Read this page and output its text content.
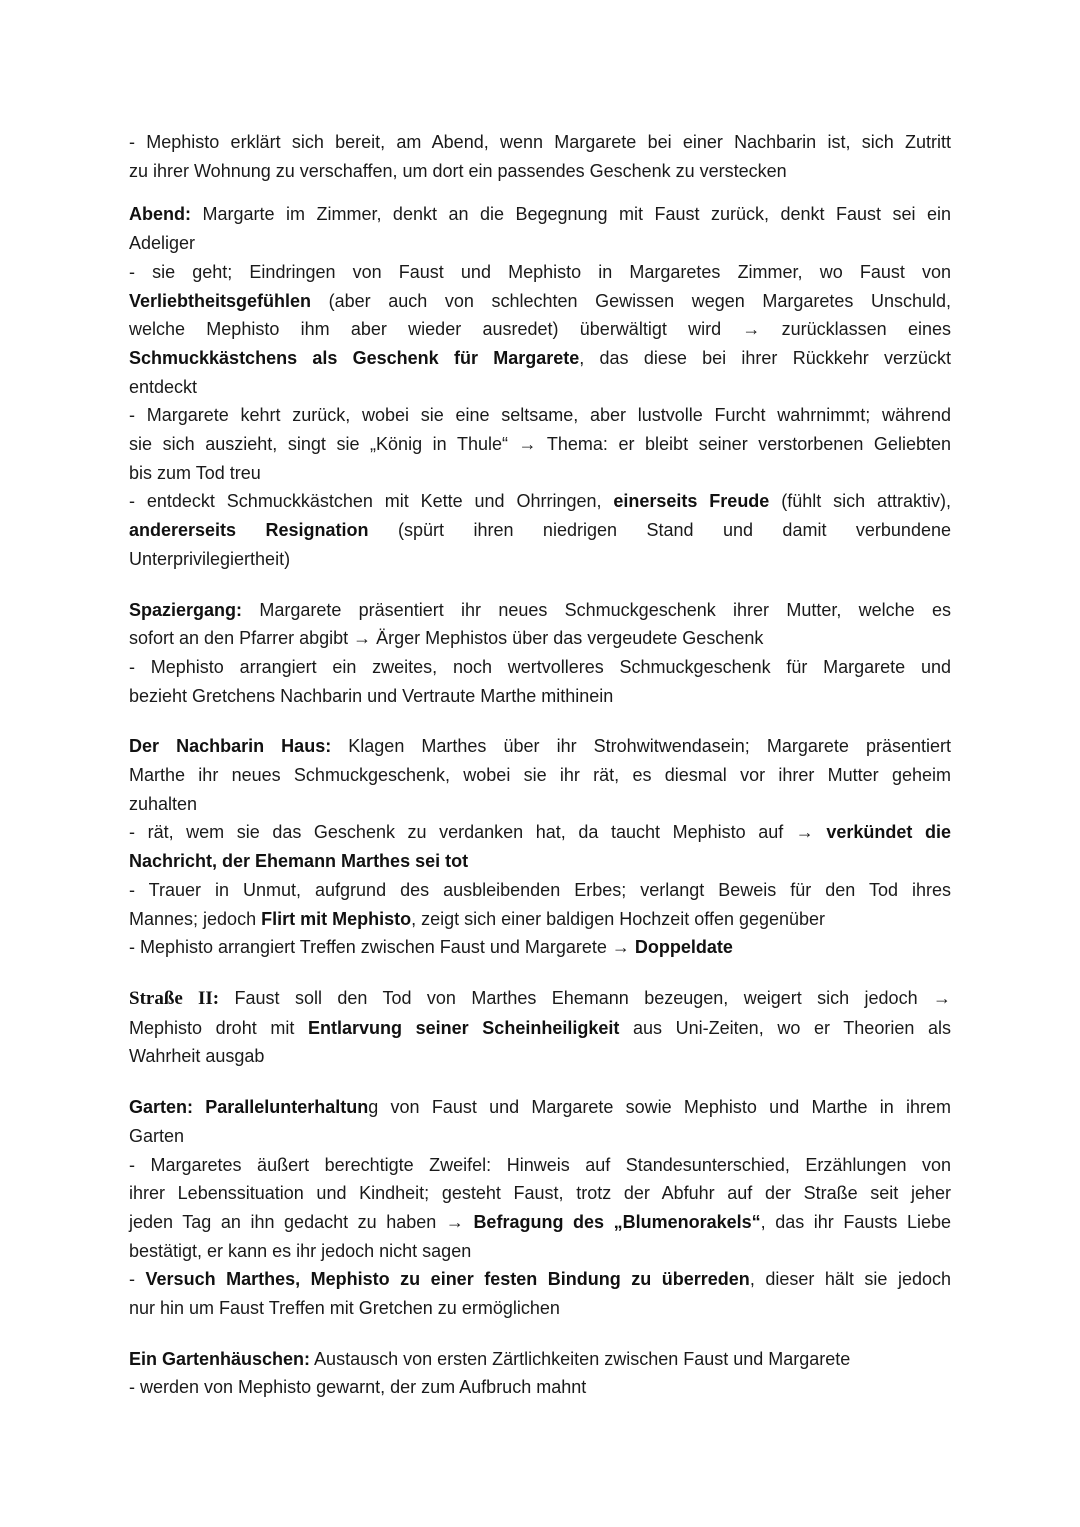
- Mephisto erklärt sich bereit, am Abend, wenn Margarete bei einer Nachbarin ist, sich Zutritt
zu ihrer Wohnung zu verschaffen, um dort ein passendes Geschenk zu verstecken
Abend: Margarte im Zimmer, denkt an die Begegnung mit Faust zurück, denkt Faust sei ein
Adeliger
- sie geht; Eindringen von Faust und Mephisto in Margaretes Zimmer, wo Faust von
Verliebtheitsgefühlen (aber auch von schlechten Gewissen wegen Margaretes Unschuld,
welche Mephisto ihm aber wieder ausredet) überwältigt wird → zurücklassen eines
Schmuckkästchens als Geschenk für Margarete, das diese bei ihrer Rückkehr verzückt
entdeckt
- Margarete kehrt zurück, wobei sie eine seltsame, aber lustvolle Furcht wahrnimmt; während
sie sich auszieht, singt sie „König in Thule“ → Thema: er bleibt seiner verstorbenen Geliebten
bis zum Tod treu
- entdeckt Schmuckkästchen mit Kette und Ohrringen, einerseits Freude (fühlt sich attraktiv),
andererseits Resignation (spürt ihren niedrigen Stand und damit verbundene
Unterprivilegiertheit)
Spaziergang: Margarete präsentiert ihr neues Schmuckgeschenk ihrer Mutter, welche es
sofort an den Pfarrer abgibt → Ärger Mephistos über das vergeudete Geschenk
- Mephisto arrangiert ein zweites, noch wertvolleres Schmuckgeschenk für Margarete und
bezieht Gretchens Nachbarin und Vertraute Marthe mithinein
Der Nachbarin Haus: Klagen Marthes über ihr Strohwitwendasein; Margarete präsentiert
Marthe ihr neues Schmuckgeschenk, wobei sie ihr rät, es diesmal vor ihrer Mutter geheim
zuhalten
- rät, wem sie das Geschenk zu verdanken hat, da taucht Mephisto auf → verkündet die
Nachricht, der Ehemann Marthes sei tot
- Trauer in Unmut, aufgrund des ausbleibenden Erbes; verlangt Beweis für den Tod ihres
Mannes; jedoch Flirt mit Mephisto, zeigt sich einer baldigen Hochzeit offen gegenüber
- Mephisto arrangiert Treffen zwischen Faust und Margarete → Doppeldate
Straße II: Faust soll den Tod von Marthes Ehemann bezeugen, weigert sich jedoch →
Mephisto droht mit Entlarvung seiner Scheinheiligkeit aus Uni-Zeiten, wo er Theorien als
Wahrheit ausgab
Garten: Parallelunterhaltung von Faust und Margarete sowie Mephisto und Marthe in ihrem
Garten
- Margaretes äußert berechtigte Zweifel: Hinweis auf Standesunterschied, Erzählungen von
ihrer Lebenssituation und Kindheit; gesteht Faust, trotz der Abfuhr auf der Straße seit jeher
jeden Tag an ihn gedacht zu haben → Befragung des „Blumenorakels“, das ihr Fausts Liebe
bestätigt, er kann es ihr jedoch nicht sagen
- Versuch Marthes, Mephisto zu einer festen Bindung zu überreden, dieser hält sie jedoch
nur hin um Faust Treffen mit Gretchen zu ermöglichen
Ein Gartenhäuschen: Austausch von ersten Zärtlichkeiten zwischen Faust und Margarete
- werden von Mephisto gewarnt, der zum Aufbruch mahnt
